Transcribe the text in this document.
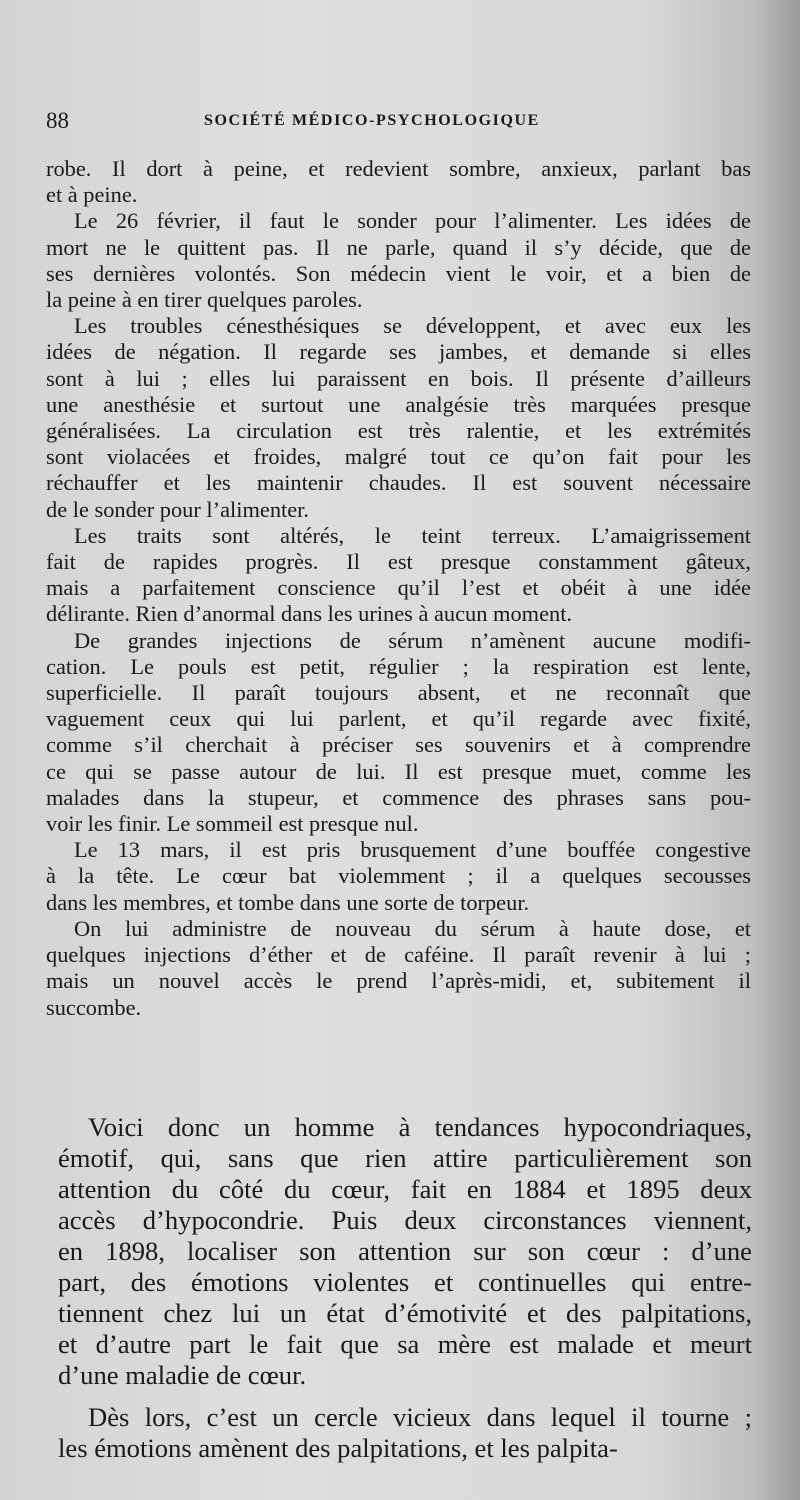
88	SOCIÉTÉ MÉDICO-PSYCHOLOGIQUE
robe. Il dort à peine, et redevient sombre, anxieux, parlant bas
et à peine.
Le 26 février, il faut le sonder pour l’alimenter. Les idées de
mort ne le quittent pas. Il ne parle, quand il s’y décide, que de
ses dernières volontés. Son médecin vient le voir, et a bien de
la peine à en tirer quelques paroles.
Les troubles cénesthésiques se développent, et avec eux les
idées de négation. Il regarde ses jambes, et demande si elles
sont à lui ; elles lui paraissent en bois. Il présente d’ailleurs
une anesthésie et surtout une analgésie très marquées presque
généralisées. La circulation est très ralentie, et les extrémités
sont violacées et froides, malgré tout ce qu’on fait pour les
réchauffer et les maintenir chaudes. Il est souvent nécessaire
de le sonder pour l’alimenter.
Les traits sont altérés, le teint terreux. L’amaigrissement
fait de rapides progrès. Il est presque constamment gâteux,
mais a parfaitement conscience qu’il l’est et obéit à une idée
délirante. Rien d’anormal dans les urines à aucun moment.
De grandes injections de sérum n’amènent aucune modifi-
cation. Le pouls est petit, régulier ; la respiration est lente,
superficielle. Il paraît toujours absent, et ne reconnaît que
vaguement ceux qui lui parlent, et qu’il regarde avec fixité,
comme s’il cherchait à préciser ses souvenirs et à comprendre
ce qui se passe autour de lui. Il est presque muet, comme les
malades dans la stupeur, et commence des phrases sans pou-
voir les finir. Le sommeil est presque nul.
Le 13 mars, il est pris brusquement d’une bouffée congestive
à la tête. Le cœur bat violemment ; il a quelques secousses
dans les membres, et tombe dans une sorte de torpeur.
On lui administre de nouveau du sérum à haute dose, et
quelques injections d’éther et de caféine. Il paraît revenir à lui ;
mais un nouvel accès le prend l’après-midi, et, subitement il
succombe.
Voici donc un homme à tendances hypocondriaques,
émotif, qui, sans que rien attire particulièrement son
attention du côté du cœur, fait en 1884 et 1895 deux
accès d’hypocondrie. Puis deux circonstances viennent,
en 1898, localiser son attention sur son cœur : d’une
part, des émotions violentes et continuelles qui entre-
tiennent chez lui un état d’émotivité et des palpitations,
et d’autre part le fait que sa mère est malade et meurt
d’une maladie de cœur.
Dès lors, c’est un cercle vicieux dans lequel il tourne ;
les émotions amènent des palpitations, et les palpita-
